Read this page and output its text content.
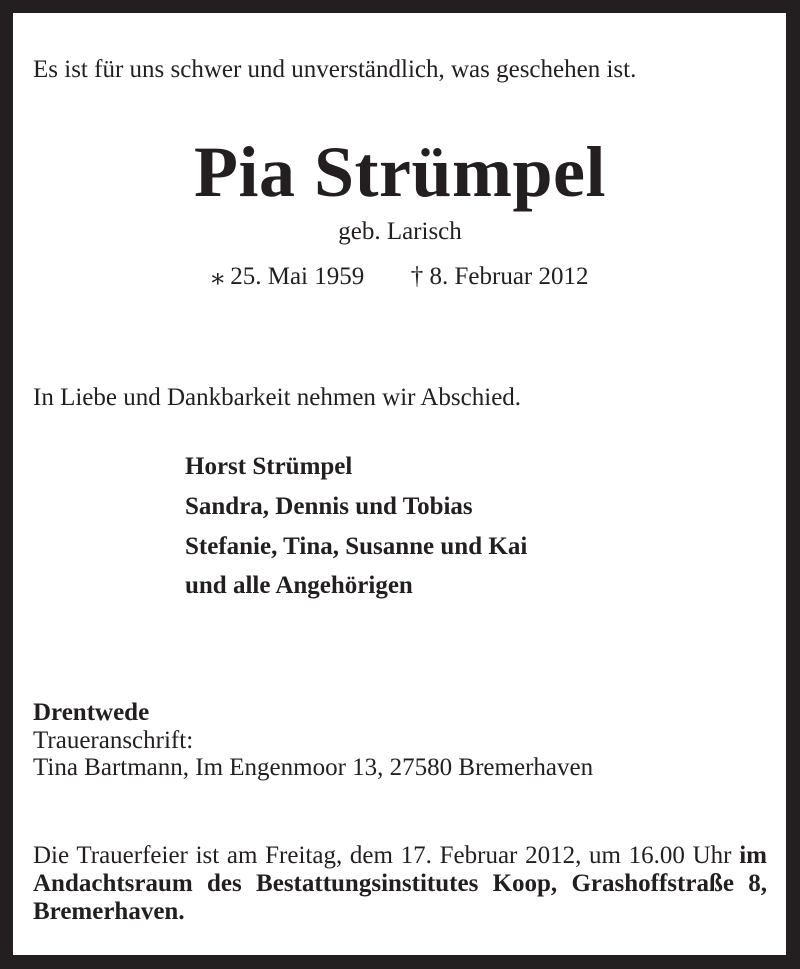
Es ist für uns schwer und unverständlich, was geschehen ist.
Pia Strümpel
geb. Larisch
⁎ 25. Mai 1959 † 8. Februar 2012
In Liebe und Dankbarkeit nehmen wir Abschied.
Horst Strümpel
Sandra, Dennis und Tobias
Stefanie, Tina, Susanne und Kai
und alle Angehörigen
Drentwede
Traueranschrift:
Tina Bartmann, Im Engenmoor 13, 27580 Bremerhaven
Die Trauerfeier ist am Freitag, dem 17. Februar 2012, um 16.00 Uhr im Andachtsraum des Bestattungsinstitutes Koop, Grashoffstraße 8, Bremerhaven.
